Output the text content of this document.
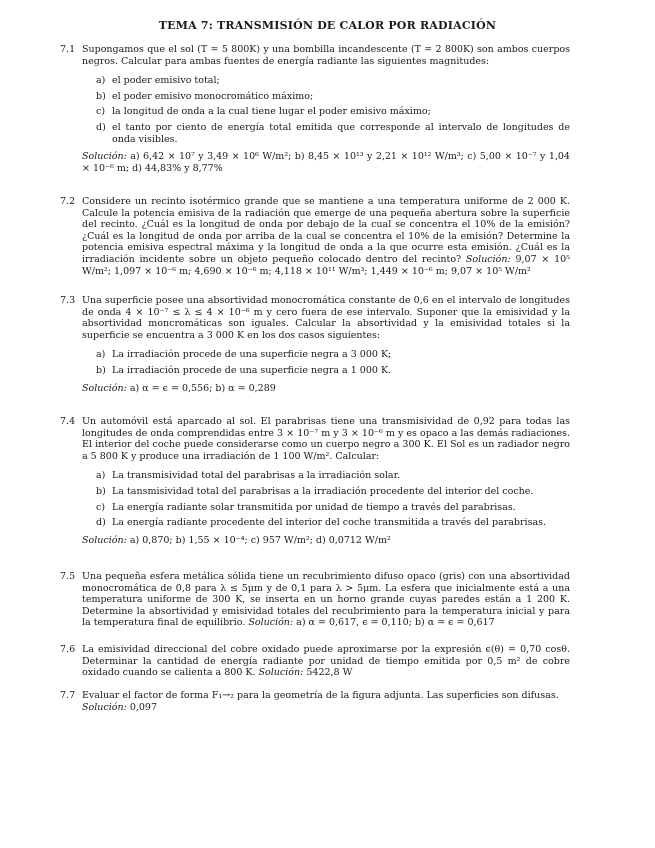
TEMA 7: TRANSMISIÓN DE CALOR POR RADIACIÓN
7.1 Supongamos que el sol (T = 5 800K) y una bombilla incandescente (T = 2 800K) son ambos cuerpos negros. Calcular para ambas fuentes de energía radiante las siguientes magnitudes:
a) el poder emisivo total;
b) el poder emisivo monocromático máximo;
c) la longitud de onda a la cual tiene lugar el poder emisivo máximo;
d) el tanto por ciento de energía total emitida que corresponde al intervalo de longitudes de onda visibles.
Solución: a) 6,42 × 10⁷ y 3,49 × 10⁶ W/m²; b) 8,45 × 10¹³ y 2,21 × 10¹² W/m³; c) 5,00 × 10⁻⁷ y 1,04 × 10⁻⁶ m; d) 44,83% y 8,77%
7.2 Considere un recinto isotérmico grande que se mantiene a una temperatura uniforme de 2 000 K. Calcule la potencia emisiva de la radiación que emerge de una pequeña abertura sobre la superficie del recinto. ¿Cuál es la longitud de onda por debajo de la cual se concentra el 10% de la emisión?¿Cuál es la longitud de onda por arriba de la cual se concentra el 10% de la emisión? Determine la potencia emisiva espectral máxima y la longitud de onda a la que ocurre esta emisión. ¿Cuál es la irradiación incidente sobre un objeto pequeño colocado dentro del recinto? Solución: 9,07 × 10⁵ W/m²; 1,097 × 10⁻⁶ m; 4,690 × 10⁻⁶ m; 4,118 × 10¹¹ W/m³; 1,449 × 10⁻⁶ m; 9,07 × 10⁵ W/m²
7.3 Una superficie posee una absortividad monocromática constante de 0,6 en el intervalo de longitudes de onda 4 × 10⁻⁷ ≤ λ ≤ 4 × 10⁻⁶ m y cero fuera de ese intervalo. Suponer que la emisividad y la absortividad moncromáticas son iguales. Calcular la absortividad y la emisividad totales si la superficie se encuentra a 3 000 K en los dos casos siguientes:
a) La irradiación procede de una superficie negra a 3 000 K;
b) La irradiación procede de una superficie negra a 1 000 K.
Solución: a) α = ϵ = 0,556; b) α = 0,289
7.4 Un automóvil está aparcado al sol. El parabrisas tiene una transmisividad de 0,92 para todas las longitudes de onda comprendidas entre 3 × 10⁻⁷ m y 3 × 10⁻⁶ m y es opaco a las demás radiaciones. El interior del coche puede considerarse como un cuerpo negro a 300 K. El Sol es un radiador negro a 5 800 K y produce una irradiación de 1 100 W/m². Calcular:
a) La transmisividad total del parabrisas a la irradiación solar.
b) La tansmisividad total del parabrisas a la irradiación procedente del interior del coche.
c) La energía radiante solar transmitida por unidad de tiempo a través del parabrisas.
d) La energía radiante procedente del interior del coche transmitida a través del parabrisas.
Solución: a) 0,870; b) 1,55 × 10⁻⁴; c) 957 W/m²; d) 0,0712 W/m²
7.5 Una pequeña esfera metálica sólida tiene un recubrimiento difuso opaco (gris) con una absortividad monocromática de 0,8 para λ ≤ 5μm y de 0,1 para λ > 5μm. La esfera que inicialmente está a una temperatura uniforme de 300 K, se inserta en un horno grande cuyas paredes están a 1 200 K. Determine la absortividad y emisividad totales del recubrimiento para la temperatura inicial y para la temperatura final de equilibrio. Solución: a) α = 0,617, ϵ = 0,110; b) α = ϵ = 0,617
7.6 La emisividad direccional del cobre oxidado puede aproximarse por la expresión ϵ(θ) = 0,70 cosθ. Determinar la cantidad de energía radiante por unidad de tiempo emitida por 0,5 m² de cobre oxidado cuando se calienta a 800 K. Solución: 5422,8 W
7.7 Evaluar el factor de forma F₁→₂ para la geometría de la figura adjunta. Las superficies son difusas.
Solución: 0,097
